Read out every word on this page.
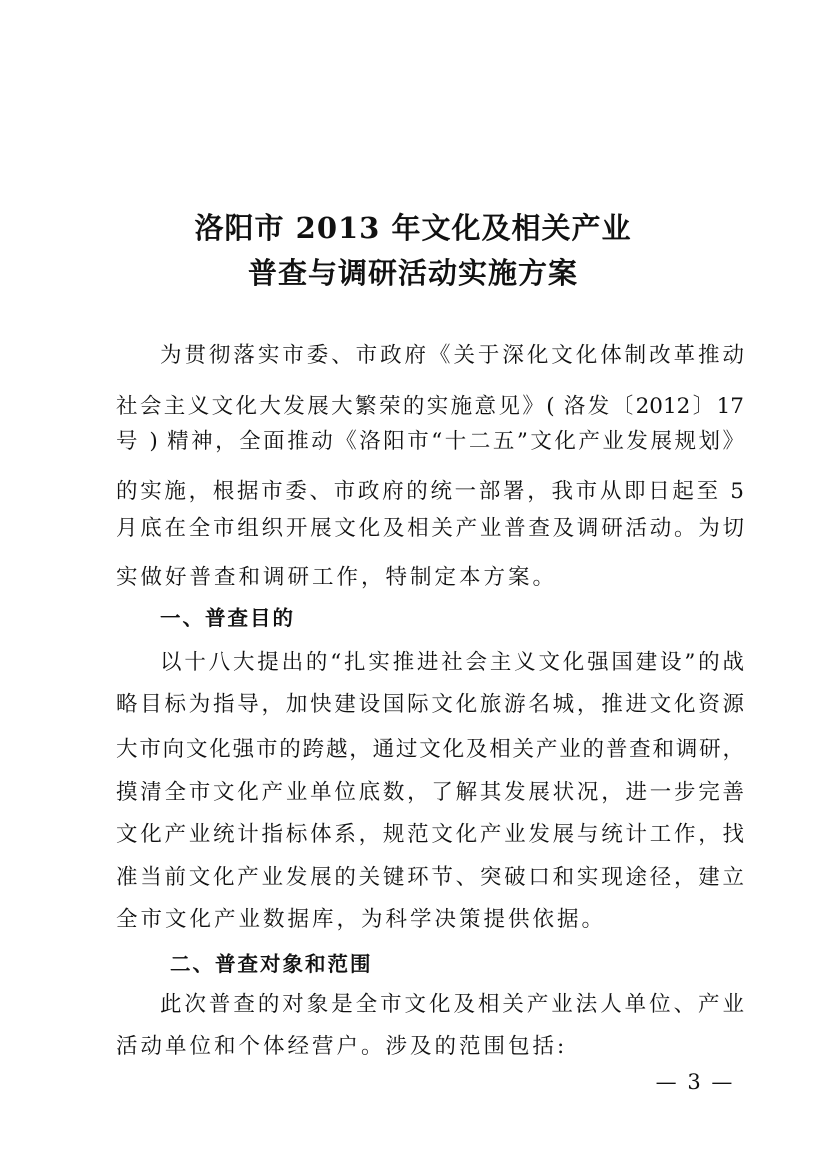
洛阳市 2013 年文化及相关产业
普查与调研活动实施方案
为贯彻落实市委、市政府《关于深化文化体制改革推动
社会主义文化大发展大繁荣的实施意见》( 洛发〔2012〕17
号 ) 精神，全面推动《洛阳市“十二五”文化产业发展规划》
的实施，根据市委、市政府的统一部署，我市从即日起至 5
月底在全市组织开展文化及相关产业普查及调研活动。为切
实做好普查和调研工作，特制定本方案。
一、普查目的
以十八大提出的“扎实推进社会主义文化强国建设”的战
略目标为指导，加快建设国际文化旅游名城，推进文化资源
大市向文化强市的跨越，通过文化及相关产业的普查和调研，
摸清全市文化产业单位底数，了解其发展状况，进一步完善
文化产业统计指标体系，规范文化产业发展与统计工作，找
准当前文化产业发展的关键环节、突破口和实现途径，建立
全市文化产业数据库，为科学决策提供依据。
二、普查对象和范围
此次普查的对象是全市文化及相关产业法人单位、产业
活动单位和个体经营户。涉及的范围包括:
— 3 —
